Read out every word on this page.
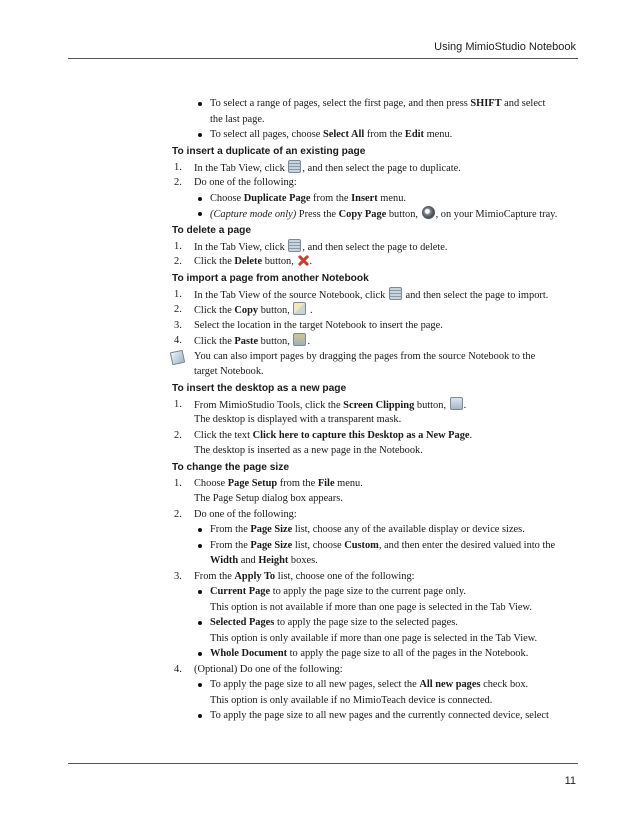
Using MimioStudio Notebook
To select a range of pages, select the first page, and then press SHIFT and select
the last page.
To select all pages, choose Select All from the Edit menu.
To insert a duplicate of an existing page
1. In the Tab View, click , and then select the page to duplicate.
2. Do one of the following:
Choose Duplicate Page from the Insert menu.
(Capture mode only) Press the Copy Page button, , on your MimioCapture tray.
To delete a page
1. In the Tab View, click , and then select the page to delete.
2. Click the Delete button, .
To import a page from another Notebook
1. In the Tab View of the source Notebook, click  and then select the page to import.
2. Click the Copy button,  .
3. Select the location in the target Notebook to insert the page.
4. Click the Paste button, .
You can also import pages by dragging the pages from the source Notebook to the
target Notebook.
To insert the desktop as a new page
1. From MimioStudio Tools, click the Screen Clipping button, .
The desktop is displayed with a transparent mask.
2. Click the text Click here to capture this Desktop as a New Page.
The desktop is inserted as a new page in the Notebook.
To change the page size
1. Choose Page Setup from the File menu.
The Page Setup dialog box appears.
2. Do one of the following:
From the Page Size list, choose any of the available display or device sizes.
From the Page Size list, choose Custom, and then enter the desired valued into the
Width and Height boxes.
3. From the Apply To list, choose one of the following:
Current Page to apply the page size to the current page only.
This option is not available if more than one page is selected in the Tab View.
Selected Pages to apply the page size to the selected pages.
This option is only available if more than one page is selected in the Tab View.
Whole Document to apply the page size to all of the pages in the Notebook.
4. (Optional) Do one of the following:
To apply the page size to all new pages, select the All new pages check box.
This option is only available if no MimioTeach device is connected.
To apply the page size to all new pages and the currently connected device, select
11
